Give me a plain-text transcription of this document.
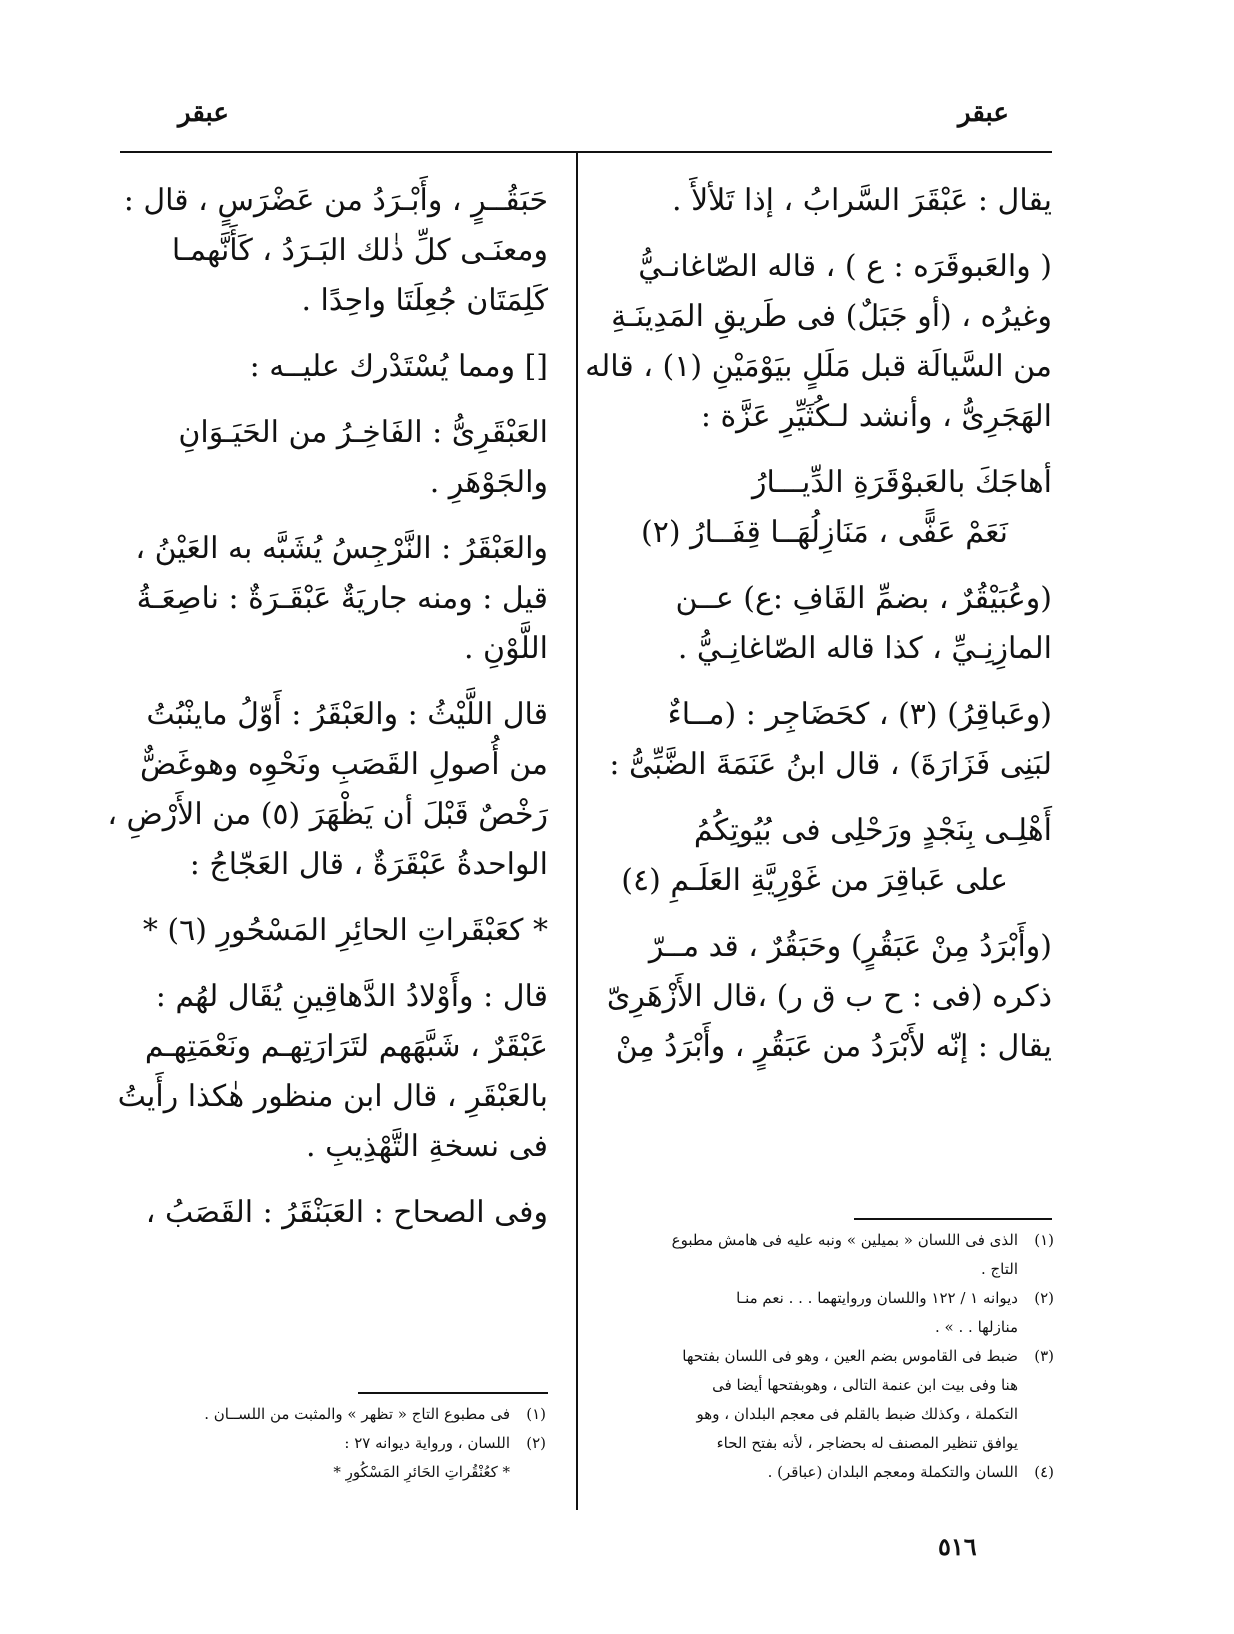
عبقر	عبقر
يقال : عَبْقَرَ السَّرابُ ، إذا تَلألأَ .
( والعَبوقَرَه : ع ) ، قاله الصّاغانـيُّ
وغيرُه ، (أو جَبَلٌ) فى طَريقِ المَدِينَـةِ
من السَّيالَة قبل مَلَلٍ بيَوْمَيْنِ (١) ، قاله
الهَجَرِىُّ ، وأنشد لـكُثَيِّرِ عَزَّة :
أهاجَكَ بالعَبوْقَرَةِ الدِّيـــارُ
نَعَمْ عَفًّى ، مَنَازِلُهَــا قِفَــارُ (٢)
(وعُبَيْقُرٌ ، بضمِّ القَافِ :ع) عــن
المازِنِـيِّ ، كذا قاله الصّاغانِـيُّ .
(وعَباقِرُ) (٣) ، كحَضَاجِر : (مــاءٌ
لبَنِى فَزَارَةَ) ، قال ابنُ عَنَمَةَ الضَّبِّىُّ :
أَهْلِـى بِنَجْدٍ ورَحْلِى فى بُيُوتِكُمُ
على عَباقِرَ من غَوْرِيَّةِ العَلَـمِ (٤)
(وأَبْرَدُ مِنْ عَبَقُرٍ) وحَبَقُرٌ ، قد مــرّ
ذكره (فى : ح ب ق ر) ،قال الأَزْهَرِىّ
يقال : إنّه لأَبْرَدُ من عَبَقُرٍ ، وأَبْرَدُ مِنْ
حَبَقُــرٍ ، وأَبْـرَدُ من عَضْرَسٍ ، قال :
ومعنَـى كلِّ ذٰلك البَـرَدُ ، كَأَنَّهمـا
كَلِمَتَان جُعِلَتَا واحِدًا .
[] ومما يُسْتَدْرك عليــه :
العَبْقَرِىُّ : الفَاخِـرُ من الحَيَـوَانِ
والجَوْهَرِ .
والعَبْقَرُ : النَّرْجِسُ يُشَبَّه به العَيْنُ ،
قيل : ومنه جاريَةٌ عَبْقَـرَةٌ : ناصِعَـةُ
اللَّوْنِ .
قال اللَّيْثُ : والعَبْقَرُ : أَوّلُ ماينْبُتُ
من أُصولِ القَصَبِ ونَحْوِه وهوغَضٌّ
رَخْصٌ قَبْلَ أن يَظْهَرَ (٥) من الأَرْضِ ،
الواحدةُ عَبْقَرَةٌ ، قال العَجّاجُ :
* كعَبْقَراتِ الحائِرِ المَسْحُورِ (٦) *
قال : وأَوْلادُ الدَّهاقِينِ يُقَال لهُم :
عَبْقَرٌ ، شَبَّهَهم لتَرَارَتِهـم ونَعْمَتِهـم
بالعَبْقَرِ ، قال ابن منظور هٰكذا رأَيتُ
فى نسخةِ التَّهْذِيبِ .
وفى الصحاح : العَبَنْقَرُ : القَصَبُ ،
(١)الذى فى اللسان « بميلين » ونبه عليه فى هامش مطبوع
التاج .
(٢)ديوانه ١ / ١٢٢ واللسان وروايتهما . . . نعم منـا
منازلها . . » .
(٣)ضبط فى القاموس بضم العين ، وهو فى اللسان بفتحها
هنا وفى بيت ابن عنمة التالى ، وهوبفتحها أيضا فى
التكملة ، وكذلك ضبط بالقلم فى معجم البلدان ، وهو
يوافق تنظير المصنف له بحضاجر ، لأنه بفتح الحاء
(٤)اللسان والتكملة ومعجم البلدان (عباقر) .
(١)فى مطبوع التاج « تظهر » والمثبت من اللســان .
(٢)اللسان ، ورواية ديوانه ٢٧ :
* كعُنْقُراتِ الحَائرِ المَسْكُورِ *
٥١٦
